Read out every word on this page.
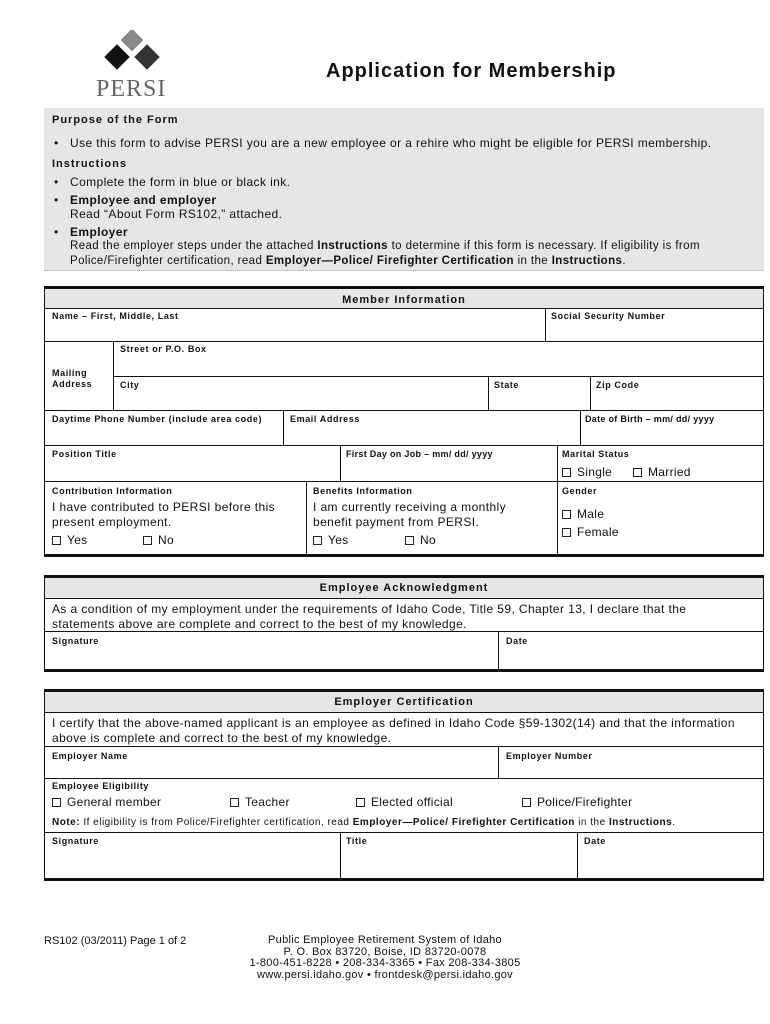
PERSI
Application for Membership
Purpose of the Form
• Use this form to advise PERSI you are a new employee or a rehire who might be eligible for PERSI membership.
Instructions
• Complete the form in blue or black ink.
• Employee and employer
Read “About Form RS102,” attached.
• Employer
Read the employer steps under the attached Instructions to determine if this form is necessary. If eligibility is from Police/Firefighter certification, read Employer—Police/ Firefighter Certification in the Instructions.
Member Information
Name – First, Middle, Last	Social Security Number
Mailing Address
Street or P.O. Box
City	State	Zip Code
Daytime Phone Number (include area code)	Email Address	Date of Birth – mm/ dd/ yyyy
Position Title	First Day on Job – mm/ dd/ yyyy	Marital Status
Single	Married
Contribution Information
I have contributed to PERSI before this present employment.
Yes	No
Benefits Information
I am currently receiving a monthly benefit payment from PERSI.
Yes	No
Gender
Male
Female
Employee Acknowledgment
As a condition of my employment under the requirements of Idaho Code, Title 59, Chapter 13, I declare that the statements above are complete and correct to the best of my knowledge.
Signature	Date
Employer Certification
I certify that the above-named applicant is an employee as defined in Idaho Code §59-1302(14) and that the information above is complete and correct to the best of my knowledge.
Employer Name	Employer Number
Employee Eligibility
General member	Teacher	Elected official	Police/Firefighter
Note: If eligibility is from Police/Firefighter certification, read Employer—Police/ Firefighter Certification in the Instructions.
Signature	Title	Date
RS102 (03/2011) Page 1 of 2	Public Employee Retirement System of Idaho
P. O. Box 83720, Boise, ID 83720-0078
1-800-451-8228 • 208-334-3365 • Fax 208-334-3805
www.persi.idaho.gov • frontdesk@persi.idaho.gov
